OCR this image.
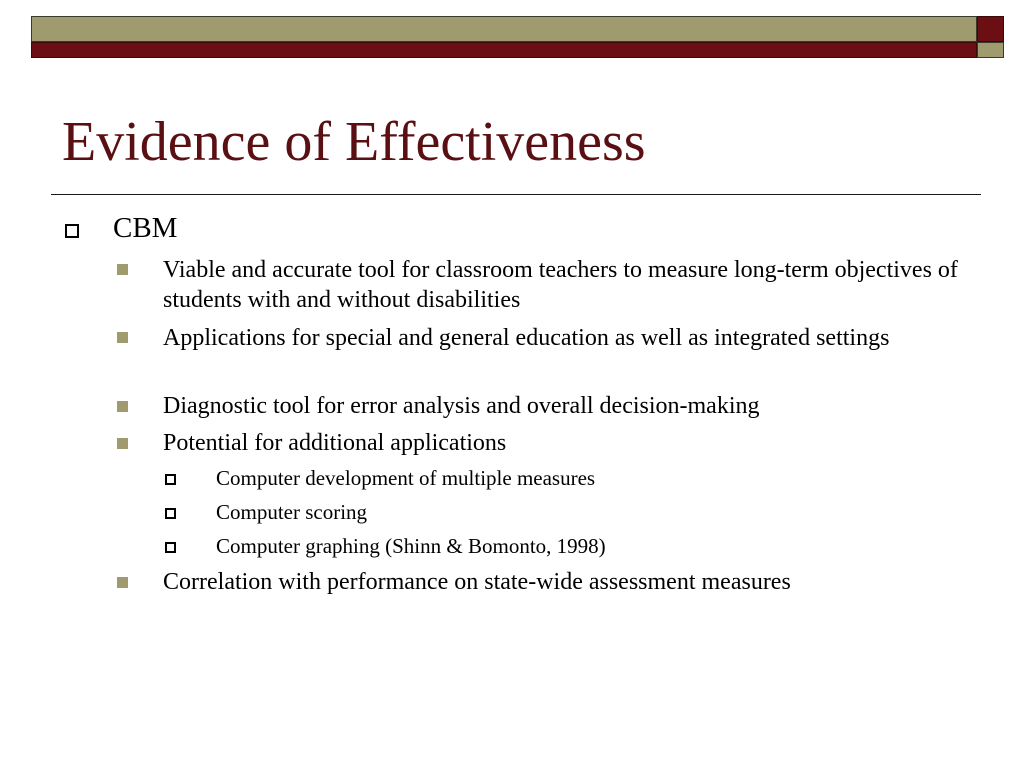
Evidence of Effectiveness
CBM
Viable and accurate tool for classroom teachers to measure long-term objectives of students with and without disabilities
Applications for special and general education as well as integrated settings
Diagnostic tool for error analysis and overall decision-making
Potential for additional applications
Computer development of multiple measures
Computer scoring
Computer graphing (Shinn & Bomonto, 1998)
Correlation with performance on state-wide assessment measures
